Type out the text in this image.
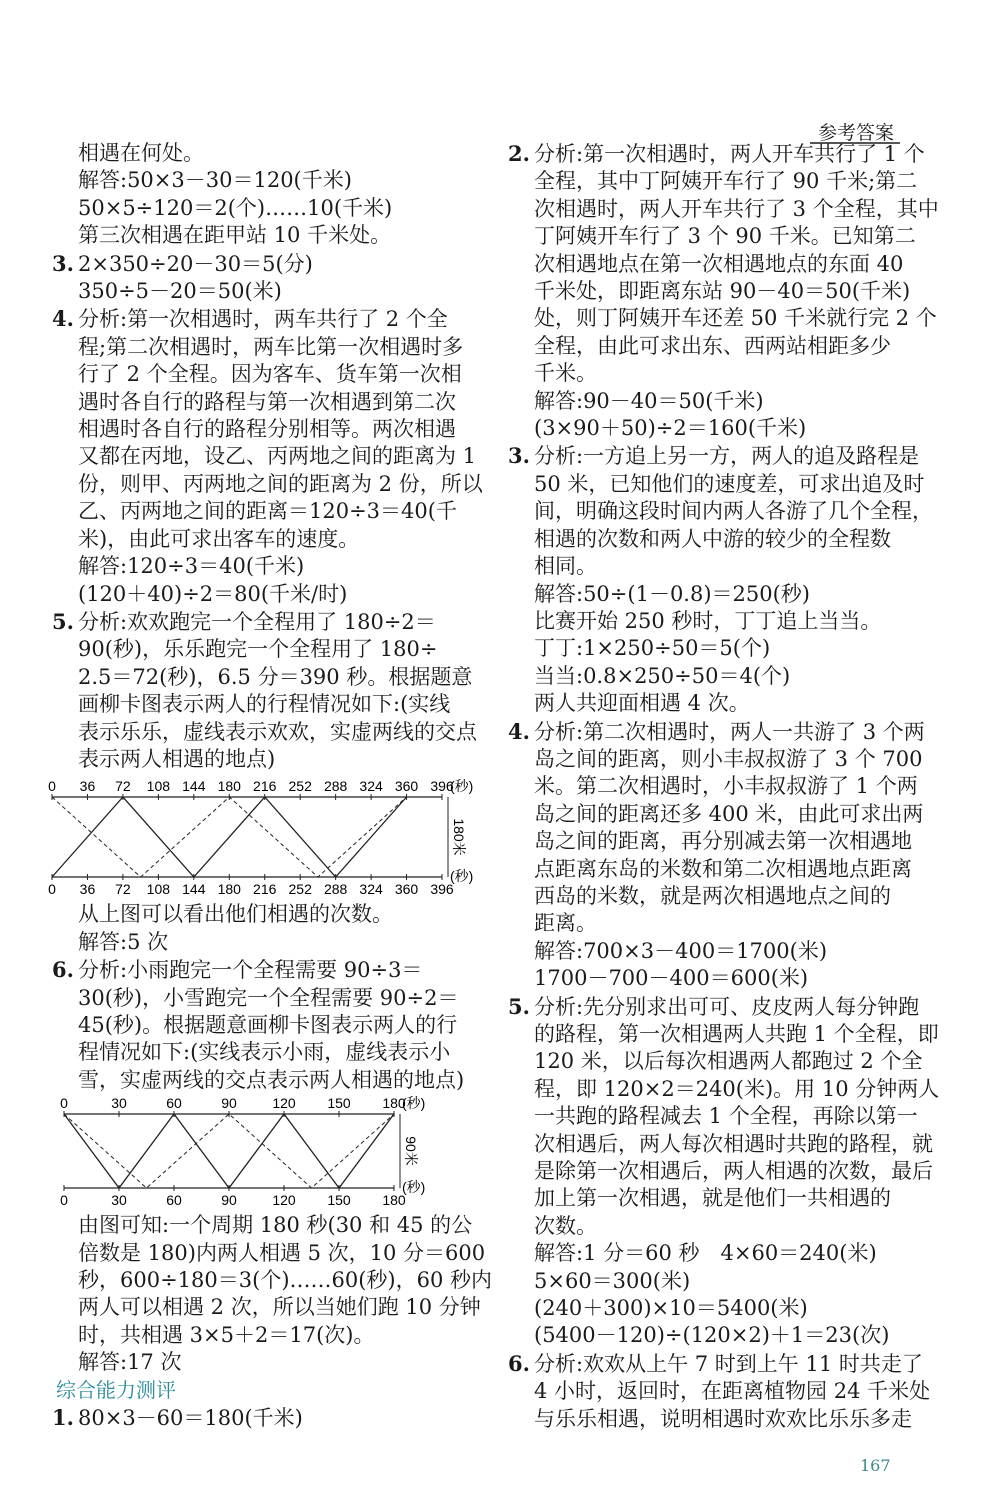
参考答案
相遇在何处。
解答:50×3－30＝120(千米)
50×5÷120＝2(个)……10(千米)
第三次相遇在距甲站 10 千米处。
3. 2×350÷20－30＝5(分)
350÷5－20＝50(米)
4. 分析:第一次相遇时，两车共行了 2 个全
程;第二次相遇时，两车比第一次相遇时多
行了 2 个全程。因为客车、货车第一次相
遇时各自行的路程与第一次相遇到第二次
相遇时各自行的路程分别相等。两次相遇
又都在丙地，设乙、丙两地之间的距离为 1
份，则甲、丙两地之间的距离为 2 份，所以
乙、丙两地之间的距离＝120÷3＝40(千
米)，由此可求出客车的速度。
解答:120÷3＝40(千米)
(120＋40)÷2＝80(千米/时)
5. 分析:欢欢跑完一个全程用了 180÷2＝
90(秒)，乐乐跑完一个全程用了 180÷
2.5＝72(秒)，6.5 分＝390 秒。根据题意
画柳卡图表示两人的行程情况如下:(实线
表示乐乐，虚线表示欢欢，实虚两线的交点
表示两人相遇的地点)
0
0
36
36
72
72
108
108
144
144
180
180
216
216
252
252
288
288
324
324
360
360
396
396
(秒)
(秒)
180米
从上图可以看出他们相遇的次数。
解答:5 次
6. 分析:小雨跑完一个全程需要 90÷3＝
30(秒)，小雪跑完一个全程需要 90÷2＝
45(秒)。根据题意画柳卡图表示两人的行
程情况如下:(实线表示小雨，虚线表示小
雪，实虚两线的交点表示两人相遇的地点)
0
0
30
30
60
60
90
90
120
120
150
150
180
180
(秒)
(秒)
90米
由图可知:一个周期 180 秒(30 和 45 的公
倍数是 180)内两人相遇 5 次，10 分＝600
秒，600÷180＝3(个)……60(秒)，60 秒内
两人可以相遇 2 次，所以当她们跑 10 分钟
时，共相遇 3×5＋2＝17(次)。
解答:17 次
综合能力测评
1. 80×3－60＝180(千米)
2. 分析:第一次相遇时，两人开车共行了 1 个
全程，其中丁阿姨开车行了 90 千米;第二
次相遇时，两人开车共行了 3 个全程，其中
丁阿姨开车行了 3 个 90 千米。已知第二
次相遇地点在第一次相遇地点的东面 40
千米处，即距离东站 90－40＝50(千米)
处，则丁阿姨开车还差 50 千米就行完 2 个
全程，由此可求出东、西两站相距多少
千米。
解答:90－40＝50(千米)
(3×90＋50)÷2＝160(千米)
3. 分析:一方追上另一方，两人的追及路程是
50 米，已知他们的速度差，可求出追及时
间，明确这段时间内两人各游了几个全程，
相遇的次数和两人中游的较少的全程数
相同。
解答:50÷(1－0.8)＝250(秒)
比赛开始 250 秒时，丁丁追上当当。
丁丁:1×250÷50＝5(个)
当当:0.8×250÷50＝4(个)
两人共迎面相遇 4 次。
4. 分析:第二次相遇时，两人一共游了 3 个两
岛之间的距离，则小丰叔叔游了 3 个 700
米。第二次相遇时，小丰叔叔游了 1 个两
岛之间的距离还多 400 米，由此可求出两
岛之间的距离，再分别减去第一次相遇地
点距离东岛的米数和第二次相遇地点距离
西岛的米数，就是两次相遇地点之间的
距离。
解答:700×3－400＝1700(米)
1700－700－400＝600(米)
5. 分析:先分别求出可可、皮皮两人每分钟跑
的路程，第一次相遇两人共跑 1 个全程，即
120 米，以后每次相遇两人都跑过 2 个全
程，即 120×2＝240(米)。用 10 分钟两人
一共跑的路程减去 1 个全程，再除以第一
次相遇后，两人每次相遇时共跑的路程，就
是除第一次相遇后，两人相遇的次数，最后
加上第一次相遇，就是他们一共相遇的
次数。
解答:1 分＝60 秒　4×60＝240(米)
5×60＝300(米)
(240＋300)×10＝5400(米)
(5400－120)÷(120×2)＋1＝23(次)
6. 分析:欢欢从上午 7 时到上午 11 时共走了
4 小时，返回时，在距离植物园 24 千米处
与乐乐相遇，说明相遇时欢欢比乐乐多走
167
